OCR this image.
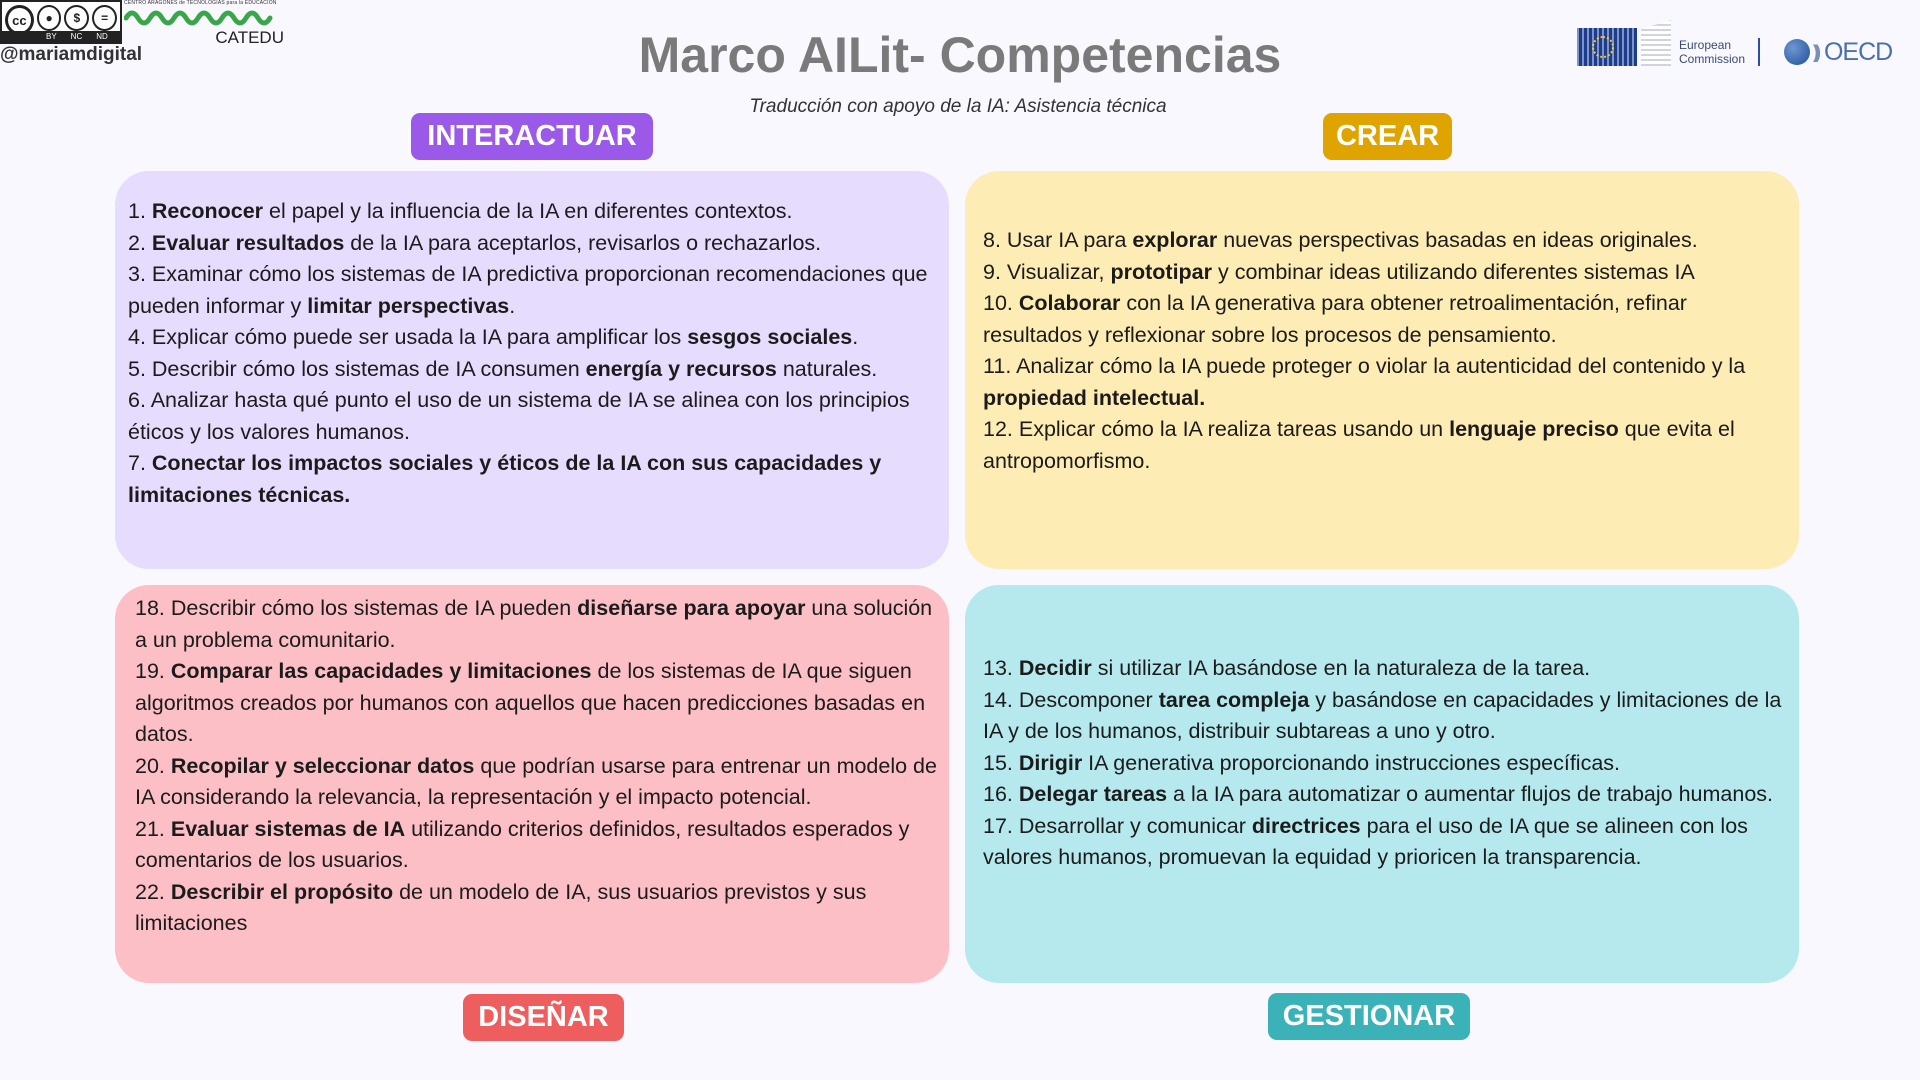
cc	●	$	=
BY NC ND
CENTRO ARAGONÉS de TECNOLOGÍAS para la EDUCACIÓN
CATEDU
@mariamdigital	Marco AILit- Competencias
Traducción con apoyo de la IA: Asistencia técnica
European
Commission	))) OECD
INTERACTUAR	CREAR
DISEÑAR	GESTIONAR

1. Reconocer el papel y la influencia de la IA en diferentes contextos.

2. Evaluar resultados de la IA para aceptarlos, revisarlos o rechazarlos.

3. Examinar cómo los sistemas de IA predictiva proporcionan recomendaciones que pueden informar y limitar perspectivas.

4. Explicar cómo puede ser usada la IA para amplificar los sesgos sociales.

5. Describir cómo los sistemas de IA consumen energía y recursos naturales.

6. Analizar hasta qué punto el uso de un sistema de IA se alinea con los principios éticos y los valores humanos.

7. Conectar los impactos sociales y éticos de la IA con sus capacidades y limitaciones técnicas.

8. Usar IA para explorar nuevas perspectivas basadas en ideas originales.

9. Visualizar, prototipar y combinar ideas utilizando diferentes sistemas IA

10. Colaborar con la IA generativa para obtener retroalimentación, refinar resultados y reflexionar sobre los procesos de pensamiento.

11. Analizar cómo la IA puede proteger o violar la autenticidad del contenido y la propiedad intelectual.

12. Explicar cómo la IA realiza tareas usando un lenguaje preciso que evita el antropomorfismo.

18. Describir cómo los sistemas de IA pueden diseñarse para apoyar una solución a un problema comunitario.

19. Comparar las capacidades y limitaciones de los sistemas de IA que siguen algoritmos creados por humanos con aquellos que hacen predicciones basadas en datos.

20. Recopilar y seleccionar datos que podrían usarse para entrenar un modelo de IA considerando la relevancia, la representación y el impacto potencial.

21. Evaluar sistemas de IA utilizando criterios definidos, resultados esperados y comentarios de los usuarios.

22. Describir el propósito de un modelo de IA, sus usuarios previstos y sus limitaciones

13. Decidir si utilizar IA basándose en la naturaleza de la tarea.

14. Descomponer tarea compleja y basándose en capacidades y limitaciones de la IA y de los humanos, distribuir subtareas a uno y otro.

15. Dirigir IA generativa proporcionando instrucciones específicas.

16. Delegar tareas a la IA para automatizar o aumentar flujos de trabajo humanos.

17. Desarrollar y comunicar directrices para el uso de IA que se alineen con los valores humanos, promuevan la equidad y prioricen la transparencia.
